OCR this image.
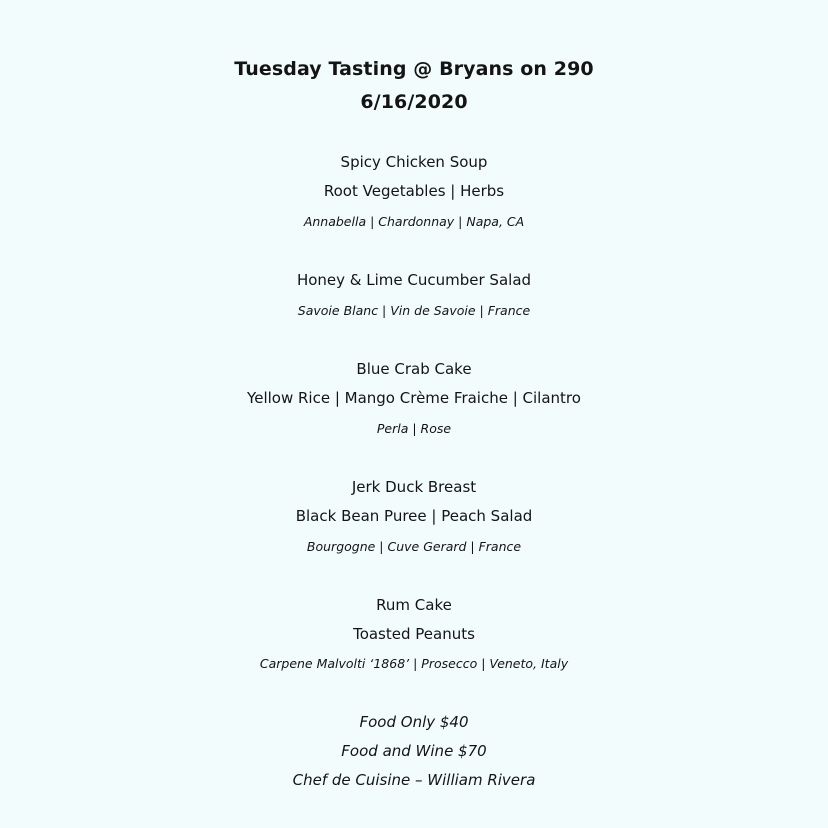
Tuesday Tasting @ Bryans on 290
6/16/2020
Spicy Chicken Soup
Root Vegetables | Herbs
Annabella | Chardonnay | Napa, CA
Honey & Lime Cucumber Salad
Savoie Blanc | Vin de Savoie | France
Blue Crab Cake
Yellow Rice | Mango Crème Fraiche | Cilantro
Perla | Rose
Jerk Duck Breast
Black Bean Puree | Peach Salad
Bourgogne | Cuve Gerard | France
Rum Cake
Toasted Peanuts
Carpene Malvolti ‘1868’ | Prosecco | Veneto, Italy
Food Only $40
Food and Wine $70
Chef de Cuisine – William Rivera
